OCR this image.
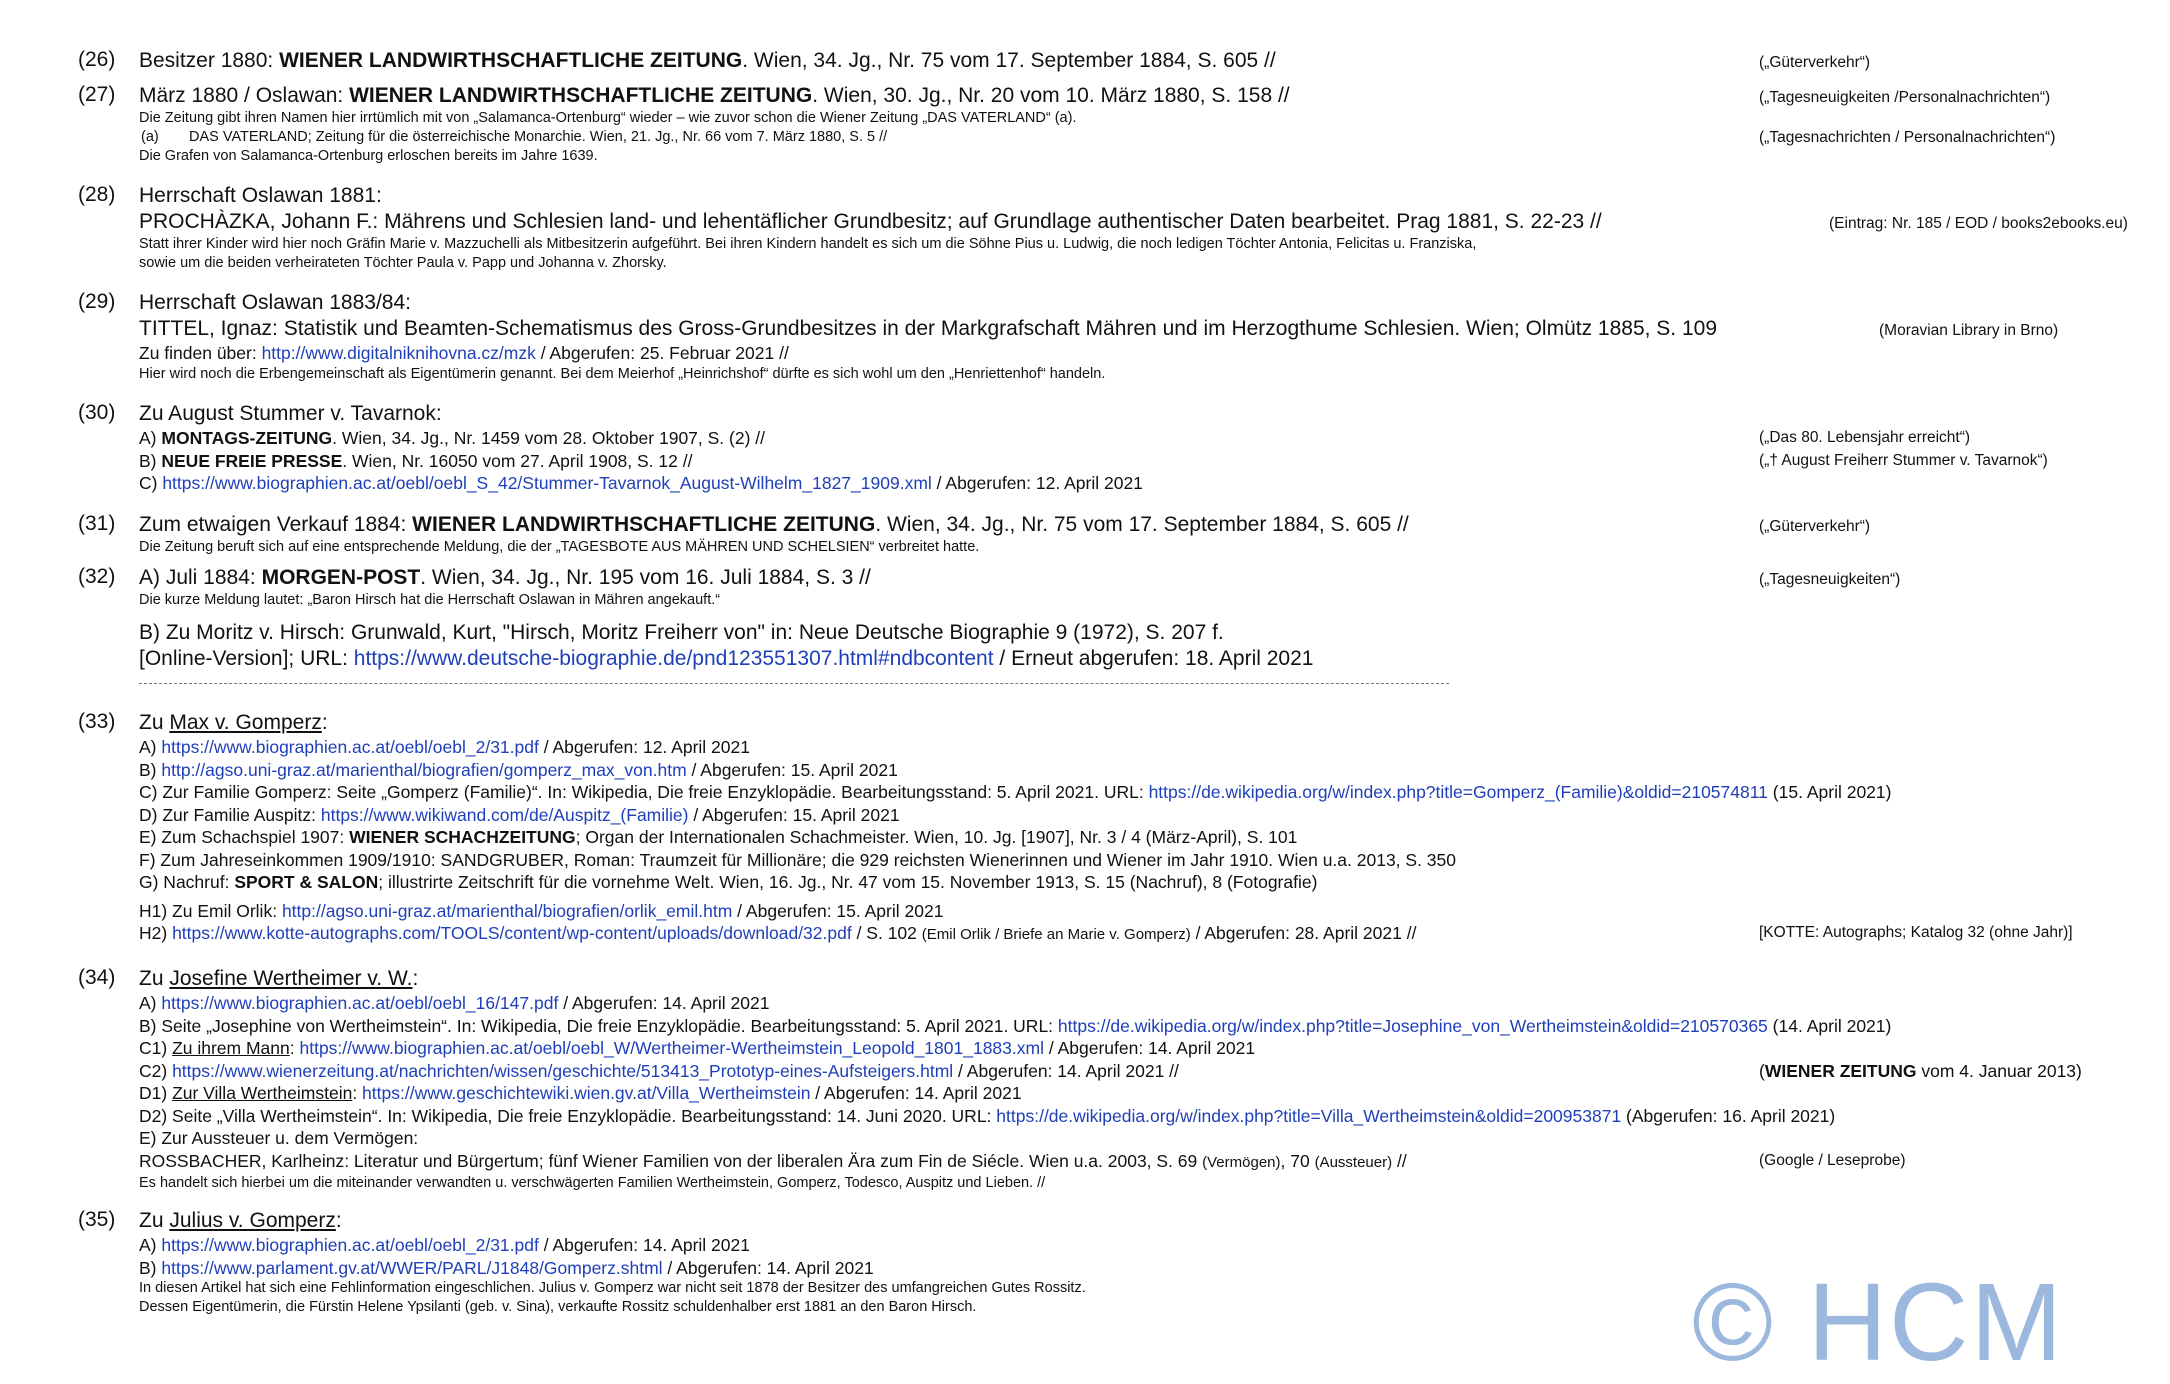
(26) Besitzer 1880: WIENER LANDWIRTHSCHAFTLICHE ZEITUNG. Wien, 34. Jg., Nr. 75 vom 17. September 1884, S. 605 //	(„Güterverkehr“)
(27) März 1880 / Oslawan: WIENER LANDWIRTHSCHAFTLICHE ZEITUNG. Wien, 30. Jg., Nr. 20 vom 10. März 1880, S. 158 //	(„Tagesneuigkeiten /Personalnachrichten“)
Die Zeitung gibt ihren Namen hier irrtümlich mit von „Salamanca-Ortenburg“ wieder – wie zuvor schon die Wiener Zeitung „DAS VATERLAND“ (a).
(a) DAS VATERLAND; Zeitung für die österreichische Monarchie. Wien, 21. Jg., Nr. 66 vom 7. März 1880, S. 5 //	(„Tagesnachrichten / Personalnachrichten“)
Die Grafen von Salamanca-Ortenburg erloschen bereits im Jahre 1639.
(28) Herrschaft Oslawan 1881:
PROCHÀZKA, Johann F.: Mährens und Schlesien land- und lehentäflicher Grundbesitz; auf Grundlage authentischer Daten bearbeitet. Prag 1881, S. 22-23 //	(Eintrag: Nr. 185 / EOD / books2ebooks.eu)
Statt ihrer Kinder wird hier noch Gräfin Marie v. Mazzuchelli als Mitbesitzerin aufgeführt. Bei ihren Kindern handelt es sich um die Söhne Pius u. Ludwig, die noch ledigen Töchter Antonia, Felicitas u. Franziska,
sowie um die beiden verheirateten Töchter Paula v. Papp und Johanna v. Zhorsky.
(29) Herrschaft Oslawan 1883/84:
TITTEL, Ignaz: Statistik und Beamten-Schematismus des Gross-Grundbesitzes in der Markgrafschaft Mähren und im Herzogthume Schlesien. Wien; Olmütz 1885, S. 109	(Moravian Library in Brno)
Zu finden über: http://www.digitalniknihovna.cz/mzk / Abgerufen: 25. Februar 2021 //
Hier wird noch die Erbengemeinschaft als Eigentümerin genannt. Bei dem Meierhof „Heinrichshof“ dürfte es sich wohl um den „Henriettenhof“ handeln.
(30) Zu August Stummer v. Tavarnok:
A) MONTAGS-ZEITUNG. Wien, 34. Jg., Nr. 1459 vom 28. Oktober 1907, S. (2) //	(„Das 80. Lebensjahr erreicht“)
B) NEUE FREIE PRESSE. Wien, Nr. 16050 vom 27. April 1908, S. 12 //	(„† August Freiherr Stummer v. Tavarnok“)
C) https://www.biographien.ac.at/oebl/oebl_S_42/Stummer-Tavarnok_August-Wilhelm_1827_1909.xml / Abgerufen: 12. April 2021
(31) Zum etwaigen Verkauf 1884: WIENER LANDWIRTHSCHAFTLICHE ZEITUNG. Wien, 34. Jg., Nr. 75 vom 17. September 1884, S. 605 //	(„Güterverkehr“)
Die Zeitung beruft sich auf eine entsprechende Meldung, die der „TAGESBOTE AUS MÄHREN UND SCHELSIEN“ verbreitet hatte.
(32) A) Juli 1884: MORGEN-POST. Wien, 34. Jg., Nr. 195 vom 16. Juli 1884, S. 3 //	(„Tagesneuigkeiten“)
Die kurze Meldung lautet: „Baron Hirsch hat die Herrschaft Oslawan in Mähren angekauft.“
B) Zu Moritz v. Hirsch: Grunwald, Kurt, "Hirsch, Moritz Freiherr von" in: Neue Deutsche Biographie 9 (1972), S. 207 f.
[Online-Version]; URL: https://www.deutsche-biographie.de/pnd123551307.html#ndbcontent / Erneut abgerufen: 18. April 2021
(33) Zu Max v. Gomperz:
A) https://www.biographien.ac.at/oebl/oebl_2/31.pdf / Abgerufen: 12. April 2021
B) http://agso.uni-graz.at/marienthal/biografien/gomperz_max_von.htm / Abgerufen: 15. April 2021
C) Zur Familie Gomperz: Seite „Gomperz (Familie)“. In: Wikipedia, Die freie Enzyklopädie. Bearbeitungsstand: 5. April 2021. URL: https://de.wikipedia.org/w/index.php?title=Gomperz_(Familie)&oldid=210574811 (15. April 2021)
D) Zur Familie Auspitz: https://www.wikiwand.com/de/Auspitz_(Familie) / Abgerufen: 15. April 2021
E) Zum Schachspiel 1907: WIENER SCHACHZEITUNG; Organ der Internationalen Schachmeister. Wien, 10. Jg. [1907], Nr. 3 / 4 (März-April), S. 101
F) Zum Jahreseinkommen 1909/1910: SANDGRUBER, Roman: Traumzeit für Millionäre; die 929 reichsten Wienerinnen und Wiener im Jahr 1910. Wien u.a. 2013, S. 350
G) Nachruf: SPORT & SALON; illustrirte Zeitschrift für die vornehme Welt. Wien, 16. Jg., Nr. 47 vom 15. November 1913, S. 15 (Nachruf), 8 (Fotografie)
H1) Zu Emil Orlik: http://agso.uni-graz.at/marienthal/biografien/orlik_emil.htm / Abgerufen: 15. April 2021
H2) https://www.kotte-autographs.com/TOOLS/content/wp-content/uploads/download/32.pdf / S. 102 (Emil Orlik / Briefe an Marie v. Gomperz) / Abgerufen: 28. April 2021 //	[KOTTE: Autographs; Katalog 32 (ohne Jahr)]
(34) Zu Josefine Wertheimer v. W.:
A) https://www.biographien.ac.at/oebl/oebl_16/147.pdf / Abgerufen: 14. April 2021
B) Seite „Josephine von Wertheimstein“. In: Wikipedia, Die freie Enzyklopädie. Bearbeitungsstand: 5. April 2021. URL: https://de.wikipedia.org/w/index.php?title=Josephine_von_Wertheimstein&oldid=210570365 (14. April 2021)
C1) Zu ihrem Mann: https://www.biographien.ac.at/oebl/oebl_W/Wertheimer-Wertheimstein_Leopold_1801_1883.xml / Abgerufen: 14. April 2021
C2) https://www.wienerzeitung.at/nachrichten/wissen/geschichte/513413_Prototyp-eines-Aufsteigers.html / Abgerufen: 14. April 2021 //	(WIENER ZEITUNG vom 4. Januar 2013)
D1) Zur Villa Wertheimstein: https://www.geschichtewiki.wien.gv.at/Villa_Wertheimstein / Abgerufen: 14. April 2021
D2) Seite „Villa Wertheimstein“. In: Wikipedia, Die freie Enzyklopädie. Bearbeitungsstand: 14. Juni 2020. URL: https://de.wikipedia.org/w/index.php?title=Villa_Wertheimstein&oldid=200953871 (Abgerufen: 16. April 2021)
E) Zur Aussteuer u. dem Vermögen:
ROSSBACHER, Karlheinz: Literatur und Bürgertum; fünf Wiener Familien von der liberalen Ära zum Fin de Siécle. Wien u.a. 2003, S. 69 (Vermögen), 70 (Aussteuer) //	(Google / Leseprobe)
Es handelt sich hierbei um die miteinander verwandten u. verschwägerten Familien Wertheimstein, Gomperz, Todesco, Auspitz und Lieben. //
(35) Zu Julius v. Gomperz:
A) https://www.biographien.ac.at/oebl/oebl_2/31.pdf / Abgerufen: 14. April 2021
B) https://www.parlament.gv.at/WWER/PARL/J1848/Gomperz.shtml / Abgerufen: 14. April 2021
In diesen Artikel hat sich eine Fehlinformation eingeschlichen. Julius v. Gomperz war nicht seit 1878 der Besitzer des umfangreichen Gutes Rossitz.
Dessen Eigentümerin, die Fürstin Helene Ypsilanti (geb. v. Sina), verkaufte Rossitz schuldenhalber erst 1881 an den Baron Hirsch.	© HCM
